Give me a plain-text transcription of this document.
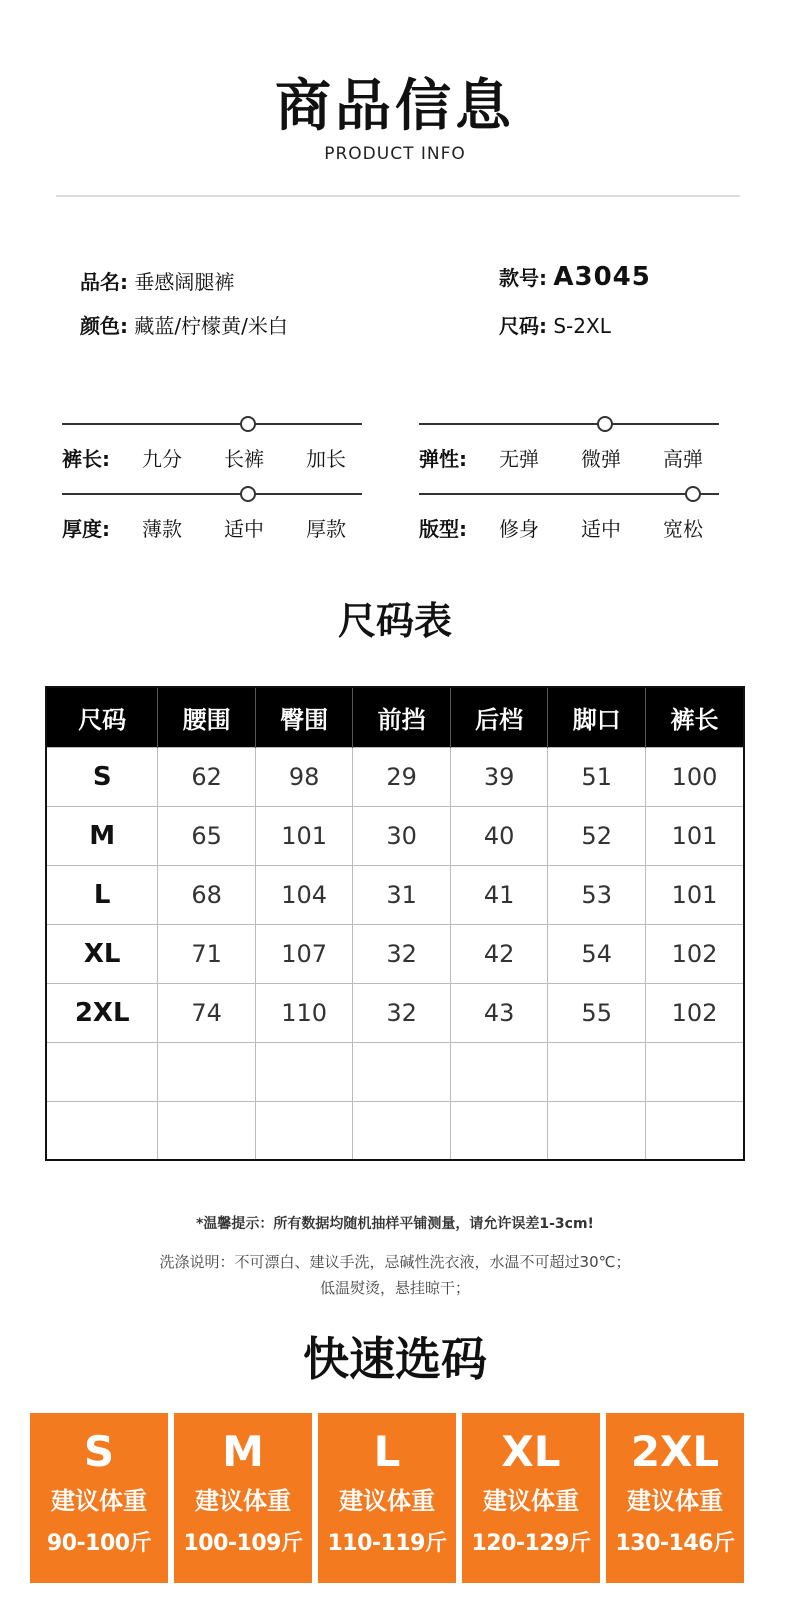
商品信息
PRODUCT INFO
品名: 垂感阔腿裤	款号: A3045
颜色: 藏蓝/柠檬黄/米白	尺码: S-2XL
裤长: 九分 长裤 加长	弹性: 无弹 微弹 高弹
厚度: 薄款 适中 厚款	版型: 修身 适中 宽松
尺码表
尺码	腰围	臀围	前挡	后档	脚口	裤长
S	62	98	29	39	51	100
M	65	101	30	40	52	101
L	68	104	31	41	53	101
XL	71	107	32	42	54	102
2XL	74	110	32	43	55	102

*温馨提示：所有数据均随机抽样平铺测量，请允许误差1-3cm!
洗涤说明：不可漂白、建议手洗，忌碱性洗衣液，水温不可超过30℃；
低温熨烫，悬挂晾干；
快速选码
S
建议体重
90-100斤
M
建议体重
100-109斤
L
建议体重
110-119斤
XL
建议体重
120-129斤
2XL
建议体重
130-146斤
